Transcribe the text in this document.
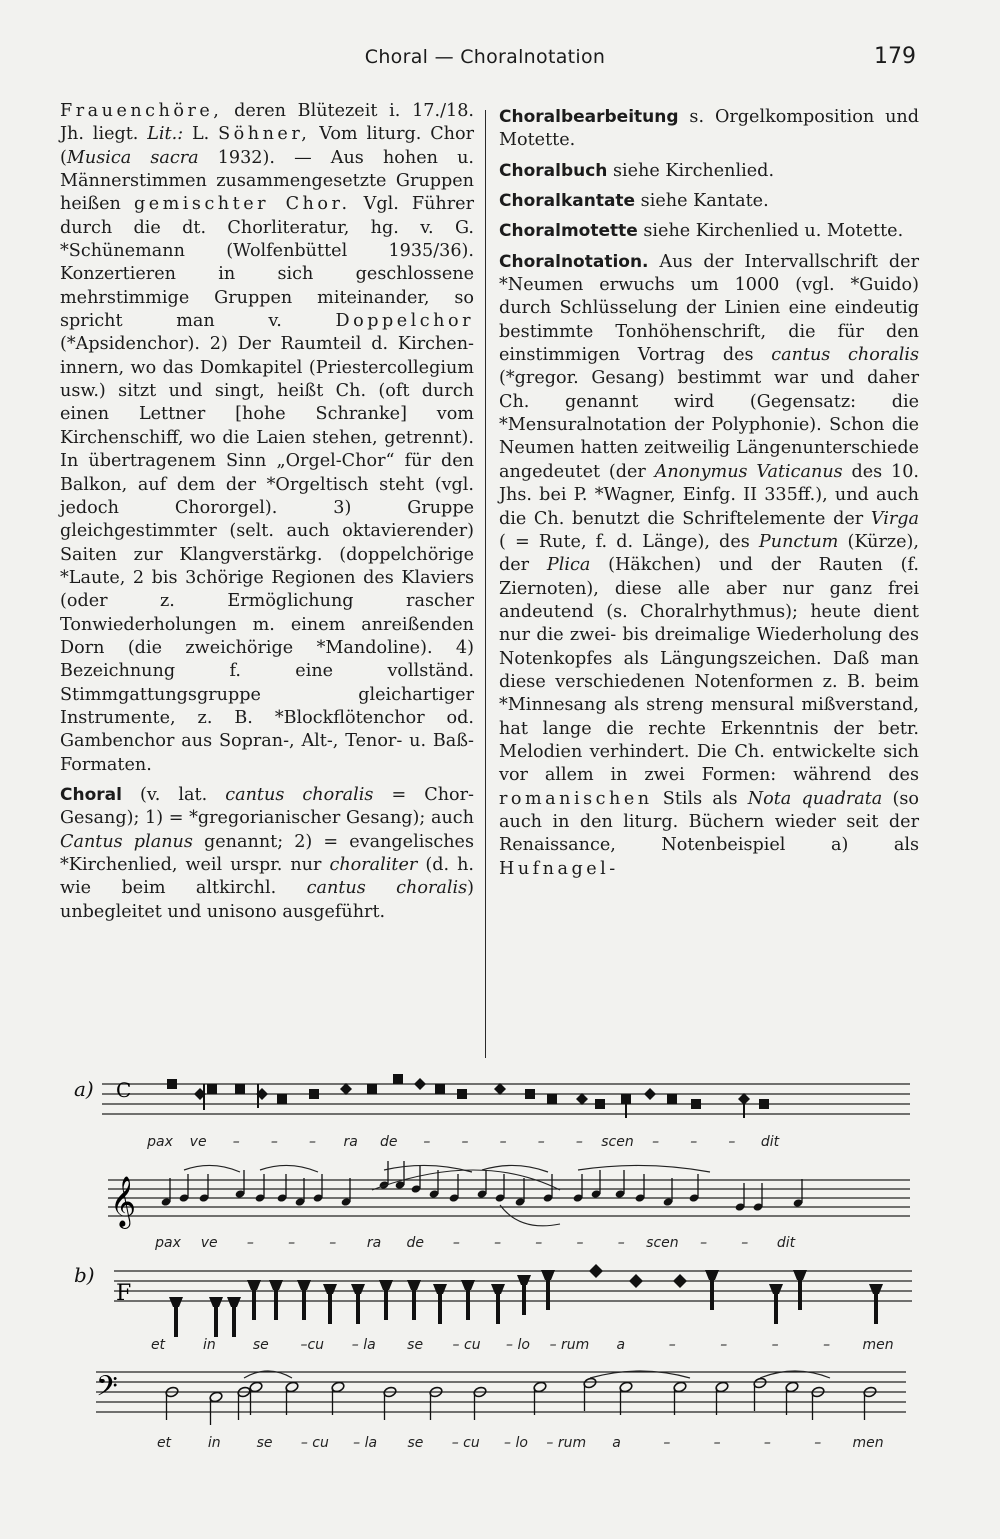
Choral — Choralnotation	179

Frauenchöre, deren Blütezeit i. 17./18. Jh. liegt. Lit.: L. Söhner, Vom liturg. Chor (Musica sacra 1932). — Aus hohen u. Männerstimmen zusammengesetzte Gruppen heißen gemischter Chor. Vgl. Führer durch die dt. Chorliteratur, hg. v. G. *Schünemann (Wolfenbüttel 1935/36). Konzertieren in sich geschlossene mehrstimmige Gruppen miteinander, so spricht man v. Doppelchor (*Apsidenchor). 2) Der Raumteil d. Kircheninnern, wo das Domkapitel (Priestercollegium usw.) sitzt und singt, heißt Ch. (oft durch einen Lettner [hohe Schranke] vom Kirchenschiff, wo die Laien stehen, getrennt). In übertragenem Sinn „Orgel-Chor“ für den Balkon, auf dem der *Orgeltisch steht (vgl. jedoch Chororgel). 3) Gruppe gleichgestimmter (selt. auch oktavierender) Saiten zur Klangverstärkg. (doppelchörige *Laute, 2 bis 3chörige Regionen des Klaviers (oder z. Ermöglichung rascher Tonwiederholungen m. einem anreißenden Dorn (die zweichörige *Mandoline). 4) Bezeichnung f. eine vollständ. Stimmgattungsgruppe gleichartiger Instrumente, z. B. *Blockflötenchor od. Gambenchor aus Sopran-, Alt-, Tenor- u. Baß-Formaten.

Choral (v. lat. cantus choralis = Chor-Gesang); 1) = *gregorianischer Gesang); auch Cantus planus genannt; 2) = evangelisches *Kirchenlied, weil urspr. nur choraliter (d. h. wie beim altkirchl. cantus choralis) unbegleitet und unisono ausgeführt.

Choralbearbeitung s. Orgelkomposition und Motette.

Choralbuch siehe Kirchenlied.

Choralkantate siehe Kantate.

Choralmotette siehe Kirchenlied u. Motette.

Choralnotation. Aus der Intervallschrift der *Neumen erwuchs um 1000 (vgl. *Guido) durch Schlüsselung der Linien eine eindeutig bestimmte Tonhöhenschrift, die für den einstimmigen Vortrag des cantus choralis (*gregor. Gesang) bestimmt war und daher Ch. genannt wird (Gegensatz: die *Mensuralnotation der Polyphonie). Schon die Neumen hatten zeitweilig Längenunterschiede angedeutet (der Anonymus Vaticanus des 10. Jhs. bei P. *Wagner, Einfg. II 335ff.), und auch die Ch. benutzt die Schriftelemente der Virga ( = Rute, f. d. Länge), des Punctum (Kürze), der Plica (Häkchen) und der Rauten (f. Ziernoten), diese alle aber nur ganz frei andeutend (s. Choralrhythmus); heute dient nur die zwei- bis dreimalige Wiederholung des Notenkopfes als Längungszeichen. Daß man diese verschiedenen Notenformen z. B. beim *Minnesang als streng mensural mißverstand, hat lange die rechte Erkenntnis der betr. Melodien verhindert. Die Ch. entwickelte sich vor allem in zwei Formen: während des romanischen Stils als Nota quadrata (so auch in den liturg. Büchern wieder seit der Renaissance, Notenbeispiel a) als Hufnagel-

a) C
pax ve – – – ra de – – – – – scen – – – dit
𝄞
pax ve – – – ra de – – – – – scen – – dit
b)
F
et	in	se –cu – la se – cu – lo – rum a	–	–	–	– men
𝄢
et	in	se – cu – la se – cu – lo – rum a	–	–	–	– men
